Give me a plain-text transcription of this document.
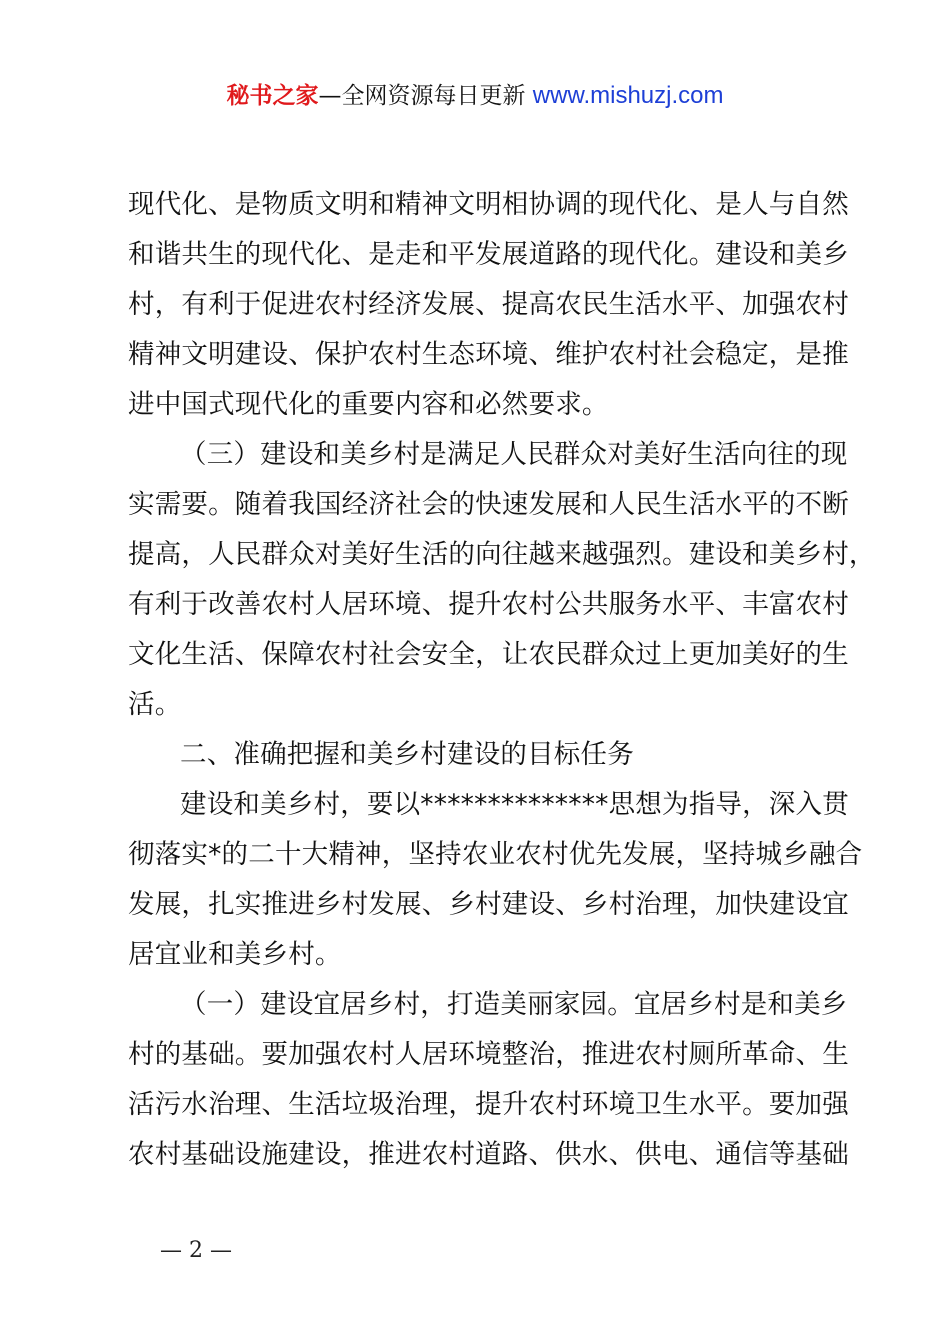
秘书之家—全网资源每日更新 www.mishuzj.com
现代化、是物质文明和精神文明相协调的现代化、是人与自然
和谐共生的现代化、是走和平发展道路的现代化。建设和美乡
村，有利于促进农村经济发展、提高农民生活水平、加强农村
精神文明建设、保护农村生态环境、维护农村社会稳定，是推
进中国式现代化的重要内容和必然要求。
（三）建设和美乡村是满足人民群众对美好生活向往的现
实需要。随着我国经济社会的快速发展和人民生活水平的不断
提高，人民群众对美好生活的向往越来越强烈。建设和美乡村，
有利于改善农村人居环境、提升农村公共服务水平、丰富农村
文化生活、保障农村社会安全，让农民群众过上更加美好的生
活。
二、准确把握和美乡村建设的目标任务
建设和美乡村，要以**************思想为指导，深入贯
彻落实*的二十大精神，坚持农业农村优先发展，坚持城乡融合
发展，扎实推进乡村发展、乡村建设、乡村治理，加快建设宜
居宜业和美乡村。
（一）建设宜居乡村，打造美丽家园。宜居乡村是和美乡
村的基础。要加强农村人居环境整治，推进农村厕所革命、生
活污水治理、生活垃圾治理，提升农村环境卫生水平。要加强
农村基础设施建设，推进农村道路、供水、供电、通信等基础
— 2 —
